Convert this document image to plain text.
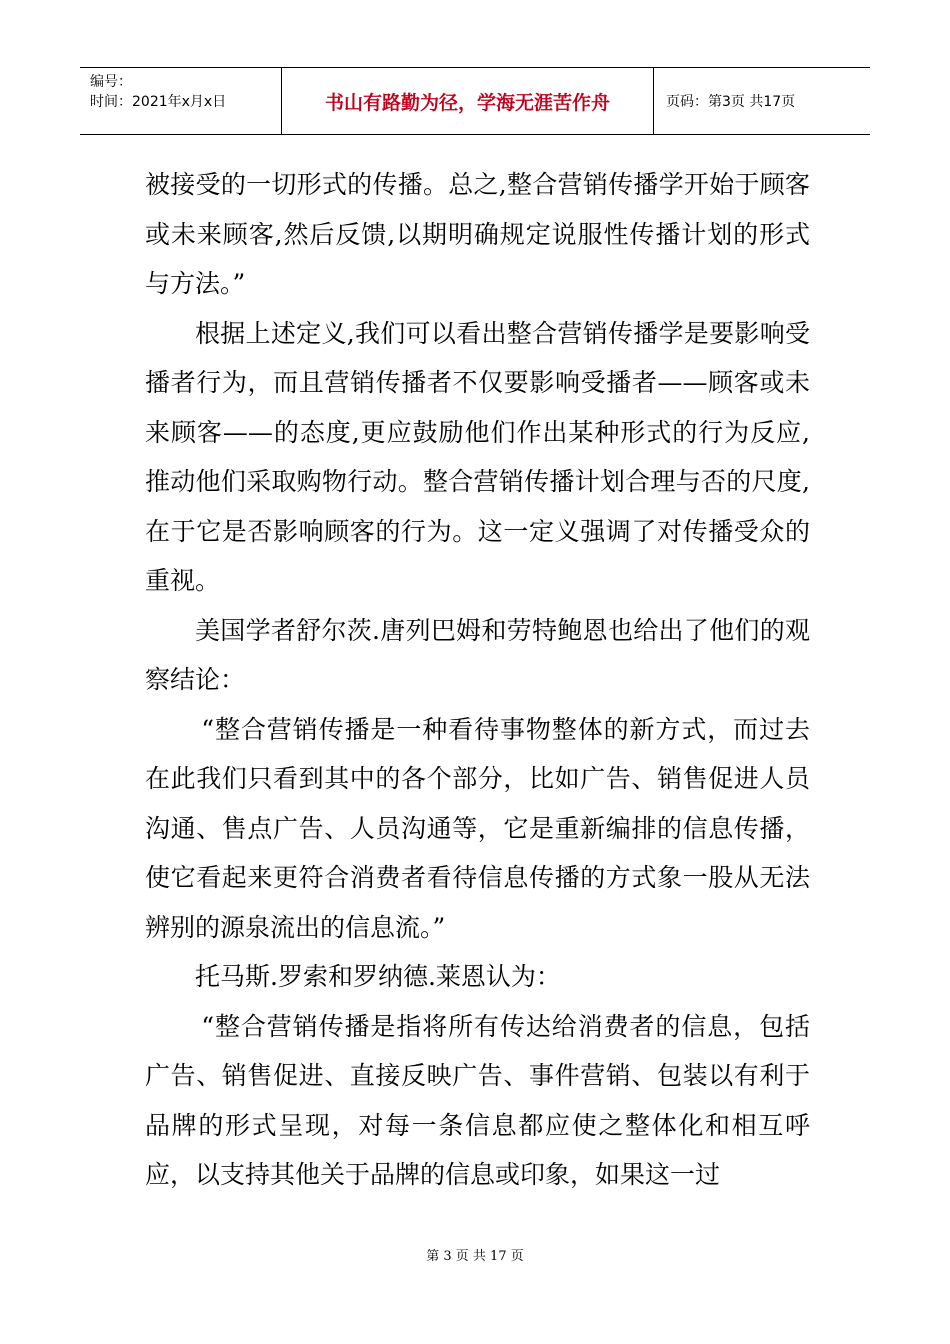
编号：
时间：2021年x月x日	书山有路勤为径，学海无涯苦作舟	页码：第3页 共17页

被接受的一切形式的传播。总之,整合营销传播学开始于顾客或未来顾客,然后反馈,以期明确规定说服性传播计划的形式与方法。”

根据上述定义,我们可以看出整合营销传播学是要影响受播者行为，而且营销传播者不仅要影响受播者——顾客或未来顾客——的态度,更应鼓励他们作出某种形式的行为反应,推动他们采取购物行动。整合营销传播计划合理与否的尺度,在于它是否影响顾客的行为。这一定义强调了对传播受众的重视。

美国学者舒尔茨.唐列巴姆和劳特鲍恩也给出了他们的观察结论：

“整合营销传播是一种看待事物整体的新方式，而过去在此我们只看到其中的各个部分，比如广告、销售促进人员沟通、售点广告、人员沟通等，它是重新编排的信息传播，使它看起来更符合消费者看待信息传播的方式象一股从无法辨别的源泉流出的信息流。”

托马斯.罗索和罗纳德.莱恩认为：

“整合营销传播是指将所有传达给消费者的信息，包括广告、销售促进、直接反映广告、事件营销、包装以有利于品牌的形式呈现，对每一条信息都应使之整体化和相互呼应，以支持其他关于品牌的信息或印象，如果这一过

第 3 页 共 17 页
